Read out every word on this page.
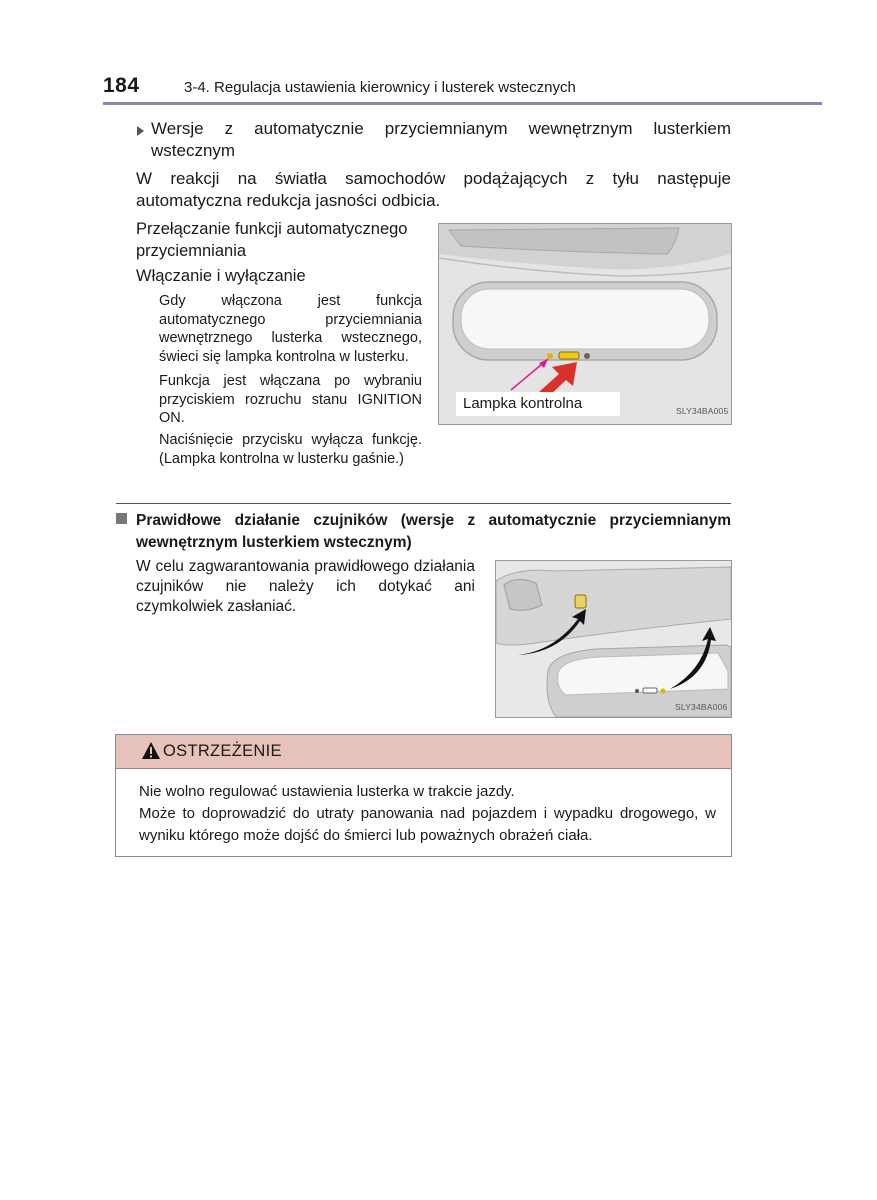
184	3-4. Regulacja ustawienia kierownicy i lusterek wstecznych
Wersje z automatycznie przyciemnianym wewnętrznym lusterkiem wstecznym
W reakcji na światła samochodów podążających z tyłu następuje automatyczna redukcja jasności odbicia.
Przełączanie funkcji automatycznego przyciemniania
Włączanie i wyłączanie
Gdy włączona jest funkcja automatycznego przyciemniania wewnętrznego lusterka wstecznego, świeci się lampka kontrolna w lusterku.
Funkcja jest włączana po wybraniu przyciskiem rozruchu stanu IGNITION ON.
Naciśnięcie przycisku wyłącza funkcję. (Lampka kontrolna w lusterku gaśnie.)
Lampka kontrolna	SLY34BA005
Prawidłowe działanie czujników (wersje z automatycznie przyciemnianym wewnętrznym lusterkiem wstecznym)
W celu zagwarantowania prawidłowego działania czujników nie należy ich dotykać ani czymkolwiek zasłaniać.
SLY34BA006
OSTRZEŻENIE
Nie wolno regulować ustawienia lusterka w trakcie jazdy.
Może to doprowadzić do utraty panowania nad pojazdem i wypadku drogowego, w wyniku którego może dojść do śmierci lub poważnych obrażeń ciała.
